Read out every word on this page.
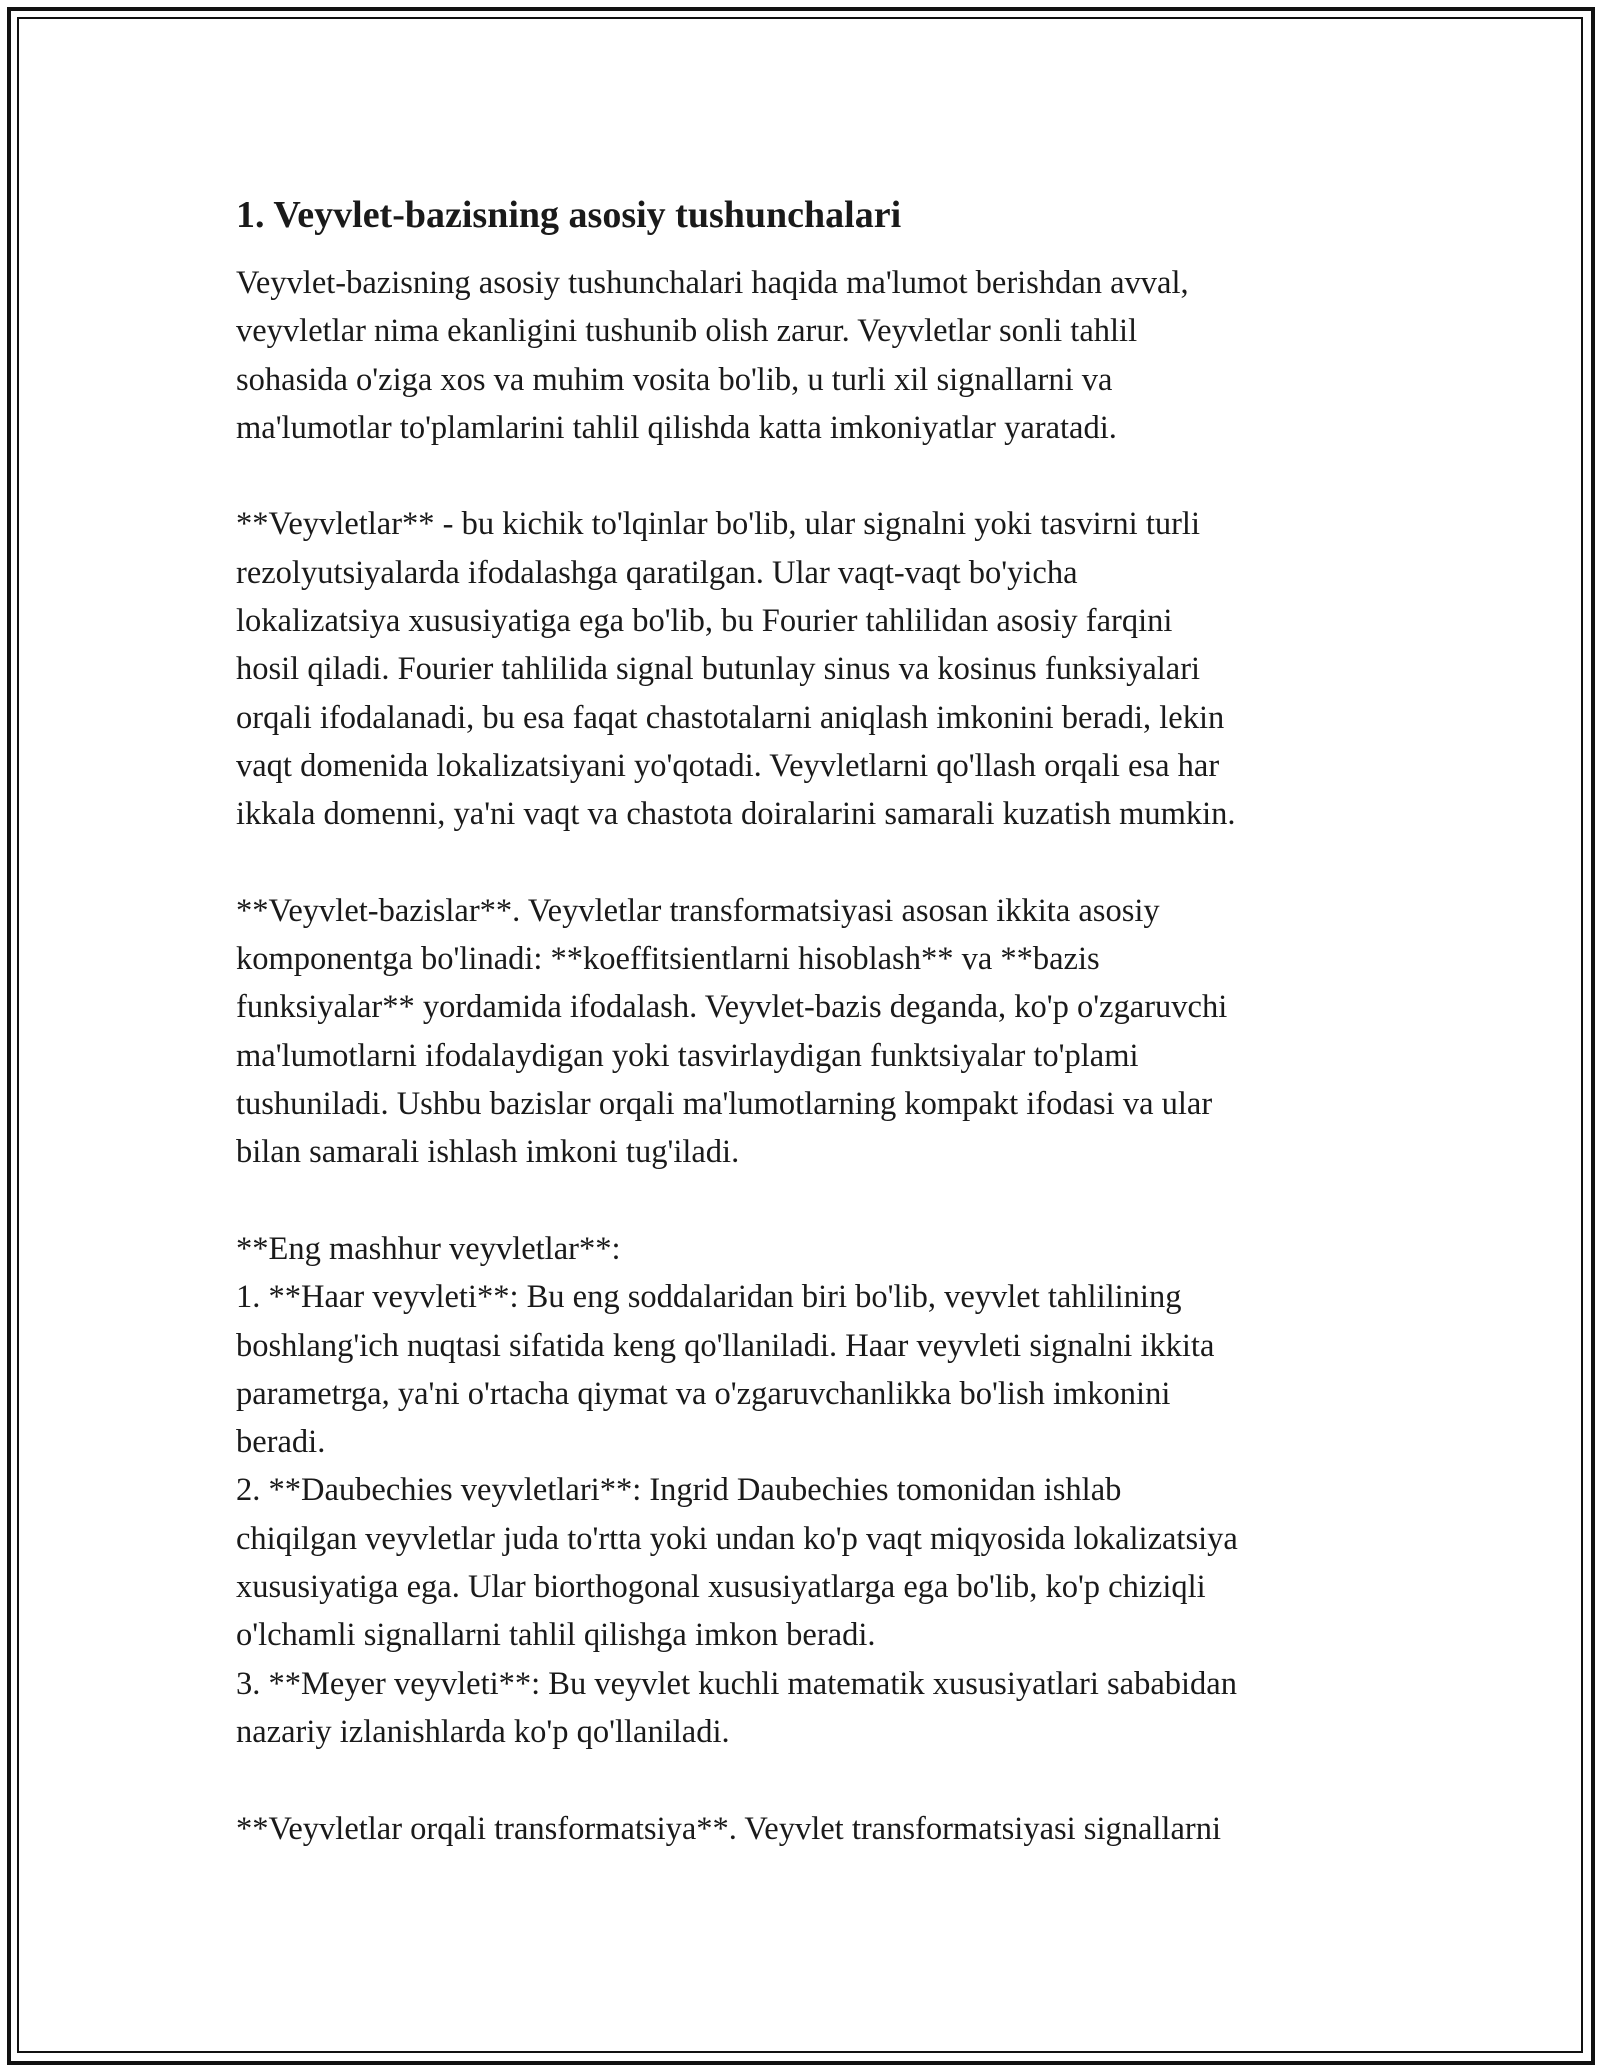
1. Veyvlet-bazisning asosiy tushunchalari
Veyvlet-bazisning asosiy tushunchalari haqida ma'lumot berishdan avval,
veyvletlar nima ekanligini tushunib olish zarur. Veyvletlar sonli tahlil
sohasida o'ziga xos va muhim vosita bo'lib, u turli xil signallarni va
ma'lumotlar to'plamlarini tahlil qilishda katta imkoniyatlar yaratadi.
**Veyvletlar** - bu kichik to'lqinlar bo'lib, ular signalni yoki tasvirni turli
rezolyutsiyalarda ifodalashga qaratilgan. Ular vaqt-vaqt bo'yicha
lokalizatsiya xususiyatiga ega bo'lib, bu Fourier tahlilidan asosiy farqini
hosil qiladi. Fourier tahlilida signal butunlay sinus va kosinus funksiyalari
orqali ifodalanadi, bu esa faqat chastotalarni aniqlash imkonini beradi, lekin
vaqt domenida lokalizatsiyani yo'qotadi. Veyvletlarni qo'llash orqali esa har
ikkala domenni, ya'ni vaqt va chastota doiralarini samarali kuzatish mumkin.
**Veyvlet-bazislar**. Veyvletlar transformatsiyasi asosan ikkita asosiy
komponentga bo'linadi: **koeffitsientlarni hisoblash** va **bazis
funksiyalar** yordamida ifodalash. Veyvlet-bazis deganda, ko'p o'zgaruvchi
ma'lumotlarni ifodalaydigan yoki tasvirlaydigan funktsiyalar to'plami
tushuniladi. Ushbu bazislar orqali ma'lumotlarning kompakt ifodasi va ular
bilan samarali ishlash imkoni tug'iladi.
**Eng mashhur veyvletlar**:
1. **Haar veyvleti**: Bu eng soddalaridan biri bo'lib, veyvlet tahlilining
boshlang'ich nuqtasi sifatida keng qo'llaniladi. Haar veyvleti signalni ikkita
parametrga, ya'ni o'rtacha qiymat va o'zgaruvchanlikka bo'lish imkonini
beradi.
2. **Daubechies veyvletlari**: Ingrid Daubechies tomonidan ishlab
chiqilgan veyvletlar juda to'rtta yoki undan ko'p vaqt miqyosida lokalizatsiya
xususiyatiga ega. Ular biorthogonal xususiyatlarga ega bo'lib, ko'p chiziqli
o'lchamli signallarni tahlil qilishga imkon beradi.
3. **Meyer veyvleti**: Bu veyvlet kuchli matematik xususiyatlari sababidan
nazariy izlanishlarda ko'p qo'llaniladi.
**Veyvletlar orqali transformatsiya**. Veyvlet transformatsiyasi signallarni
